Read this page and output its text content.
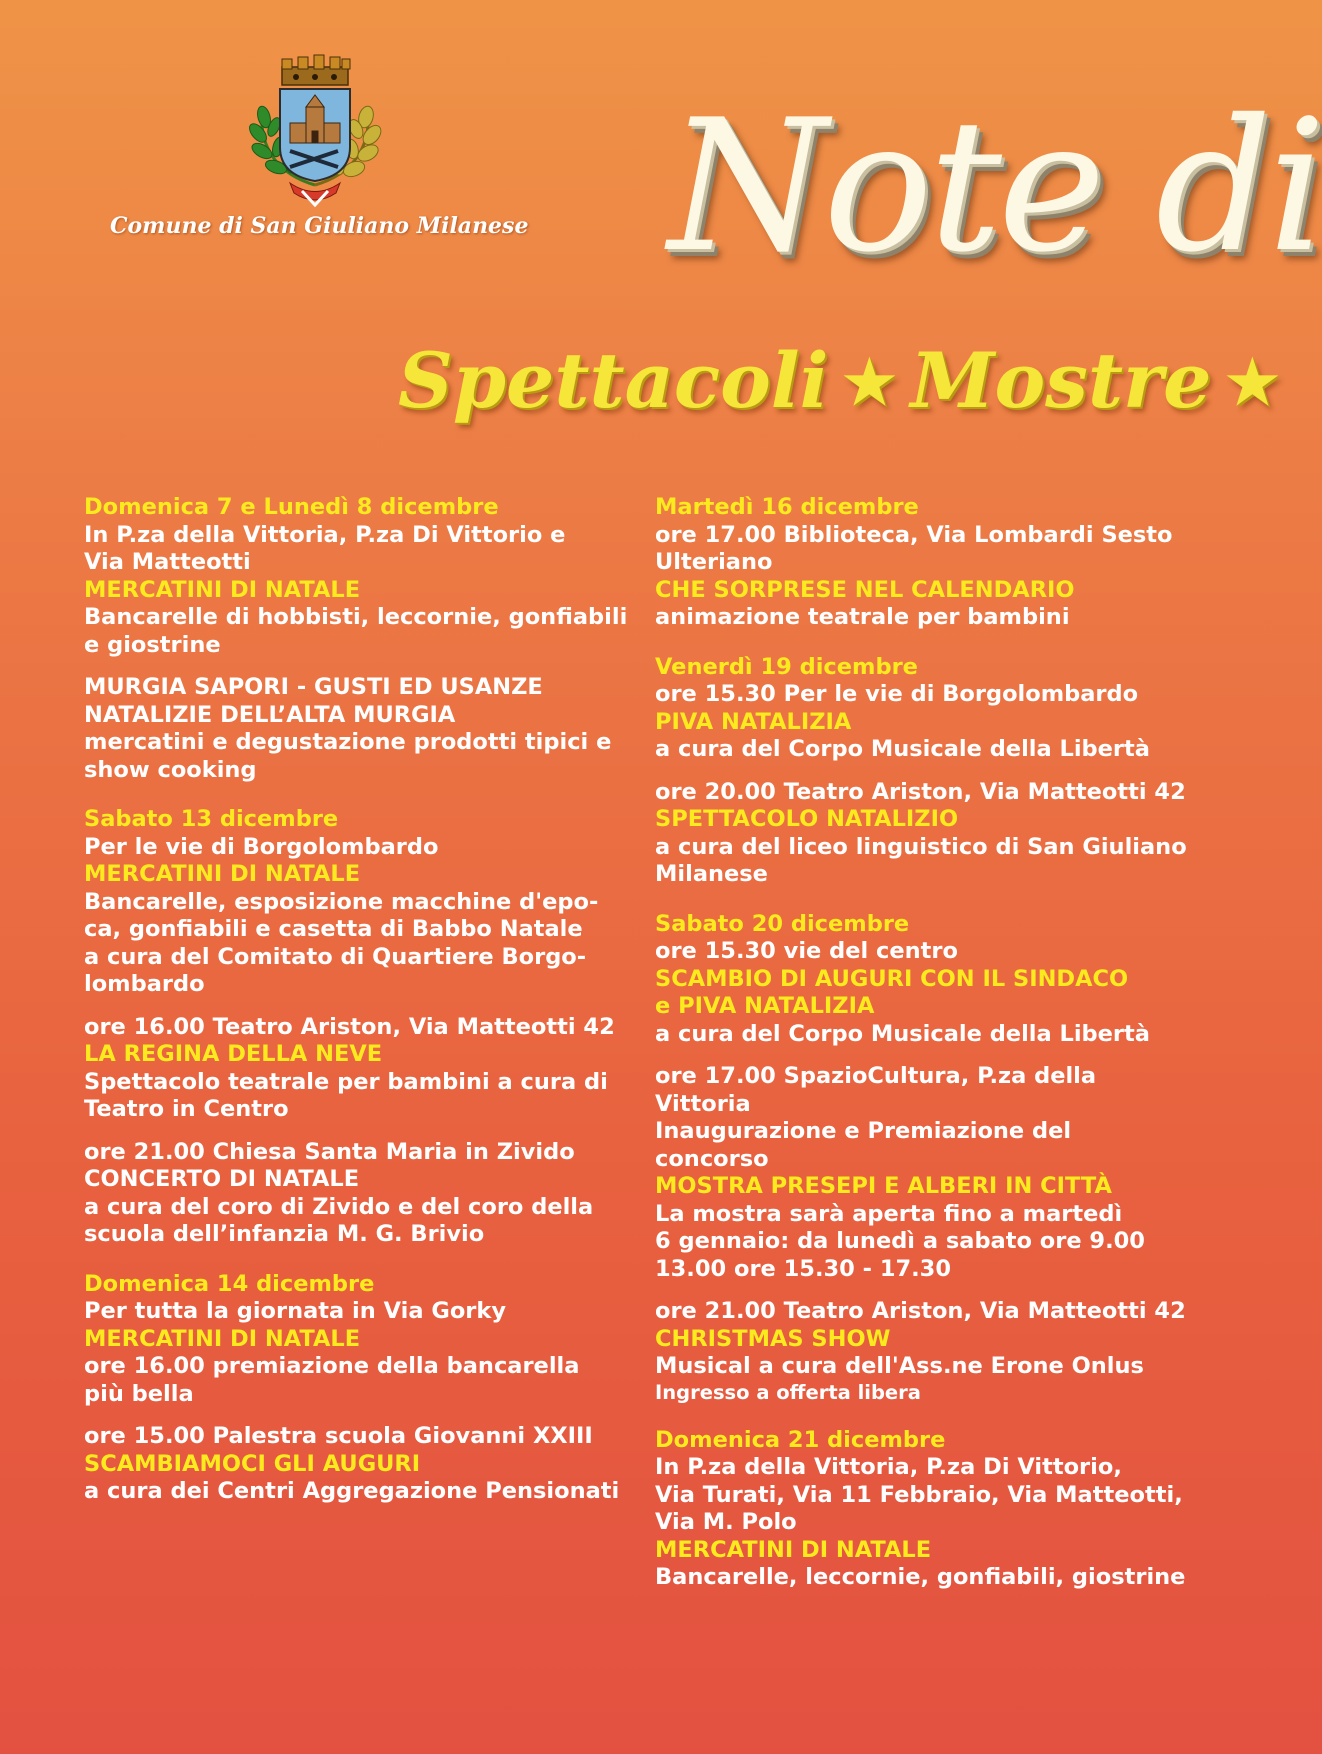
Comune di San Giuliano Milanese Note di
Spettacoli ★ Mostre ★

Domenica 7 e Lunedì 8 dicembre

In P.za della Vittoria, P.za Di Vittorio e

Via Matteotti

MERCATINI DI NATALE

Bancarelle di hobbisti, leccornie, gonfiabili

e giostrine

MURGIA SAPORI - GUSTI ED USANZE

NATALIZIE DELL’ALTA MURGIA

mercatini e degustazione prodotti tipici e

show cooking

Sabato 13 dicembre

Per le vie di Borgolombardo

MERCATINI DI NATALE

Bancarelle, esposizione macchine d'epo-

ca, gonfiabili e casetta di Babbo Natale

a cura del Comitato di Quartiere Borgo-

lombardo

ore 16.00 Teatro Ariston, Via Matteotti 42

LA REGINA DELLA NEVE

Spettacolo teatrale per bambini a cura di

Teatro in Centro

ore 21.00 Chiesa Santa Maria in Zivido

CONCERTO DI NATALE

a cura del coro di Zivido e del coro della

scuola dell’infanzia M. G. Brivio

Domenica 14 dicembre

Per tutta la giornata in Via Gorky

MERCATINI DI NATALE

ore 16.00 premiazione della bancarella

più bella

ore 15.00 Palestra scuola Giovanni XXIII

SCAMBIAMOCI GLI AUGURI

a cura dei Centri Aggregazione Pensionati

Martedì 16 dicembre

ore 17.00 Biblioteca, Via Lombardi Sesto

Ulteriano

CHE SORPRESE NEL CALENDARIO

animazione teatrale per bambini

Venerdì 19 dicembre

ore 15.30 Per le vie di Borgolombardo

PIVA NATALIZIA

a cura del Corpo Musicale della Libertà

ore 20.00 Teatro Ariston, Via Matteotti 42

SPETTACOLO NATALIZIO

a cura del liceo linguistico di San Giuliano

Milanese

Sabato 20 dicembre

ore 15.30 vie del centro

SCAMBIO DI AUGURI CON IL SINDACO

e PIVA NATALIZIA

a cura del Corpo Musicale della Libertà

ore 17.00 SpazioCultura, P.za della

Vittoria

Inaugurazione e Premiazione del

concorso

MOSTRA PRESEPI E ALBERI IN CITTÀ

La mostra sarà aperta fino a martedì

6 gennaio: da lunedì a sabato ore 9.00

13.00 ore 15.30 - 17.30

ore 21.00 Teatro Ariston, Via Matteotti 42

CHRISTMAS SHOW

Musical a cura dell'Ass.ne Erone Onlus

Ingresso a offerta libera

Domenica 21 dicembre

In P.za della Vittoria, P.za Di Vittorio,

Via Turati, Via 11 Febbraio, Via Matteotti,

Via M. Polo

MERCATINI DI NATALE

Bancarelle, leccornie, gonfiabili, giostrine
